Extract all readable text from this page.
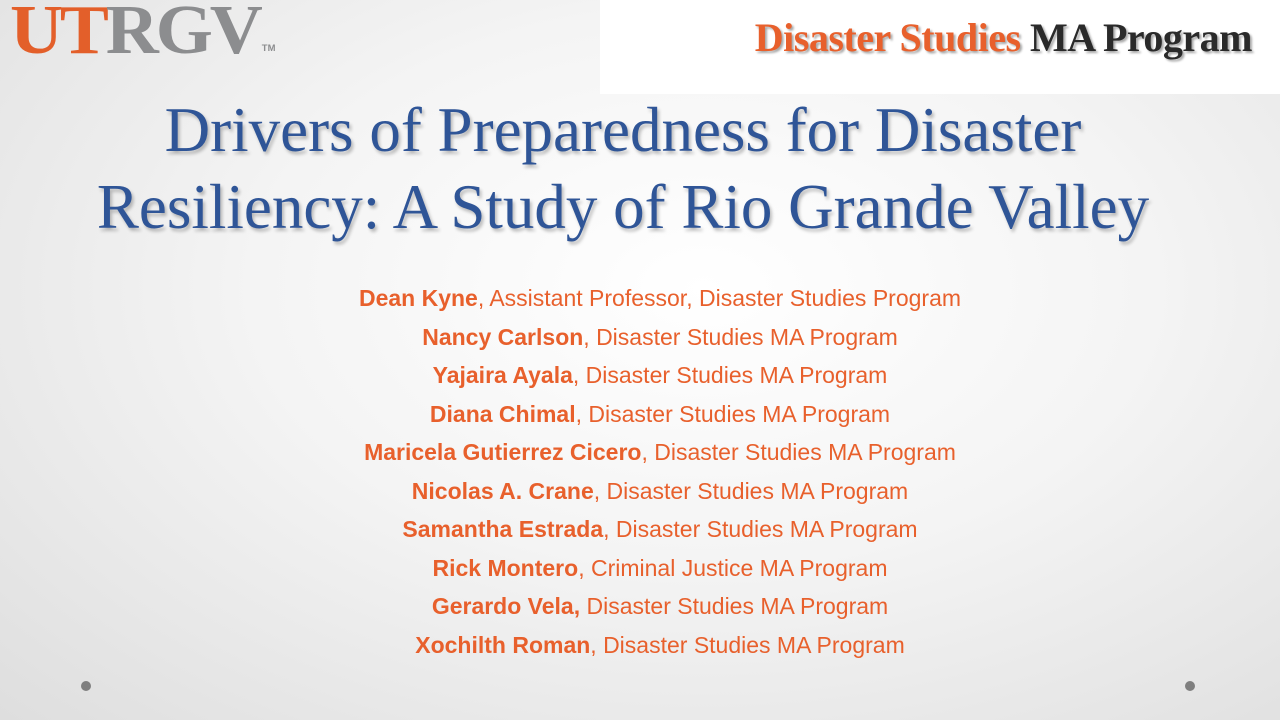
UTRGV TM	Disaster Studies MA Program
Drivers of Preparedness for Disaster
Resiliency: A Study of Rio Grande Valley
Dean Kyne, Assistant Professor, Disaster Studies Program
Nancy Carlson, Disaster Studies MA Program
Yajaira Ayala, Disaster Studies MA Program
Diana Chimal, Disaster Studies MA Program
Maricela Gutierrez Cicero, Disaster Studies MA Program
Nicolas A. Crane, Disaster Studies MA Program
Samantha Estrada, Disaster Studies MA Program
Rick Montero, Criminal Justice MA Program
Gerardo Vela, Disaster Studies MA Program
Xochilth Roman, Disaster Studies MA Program
